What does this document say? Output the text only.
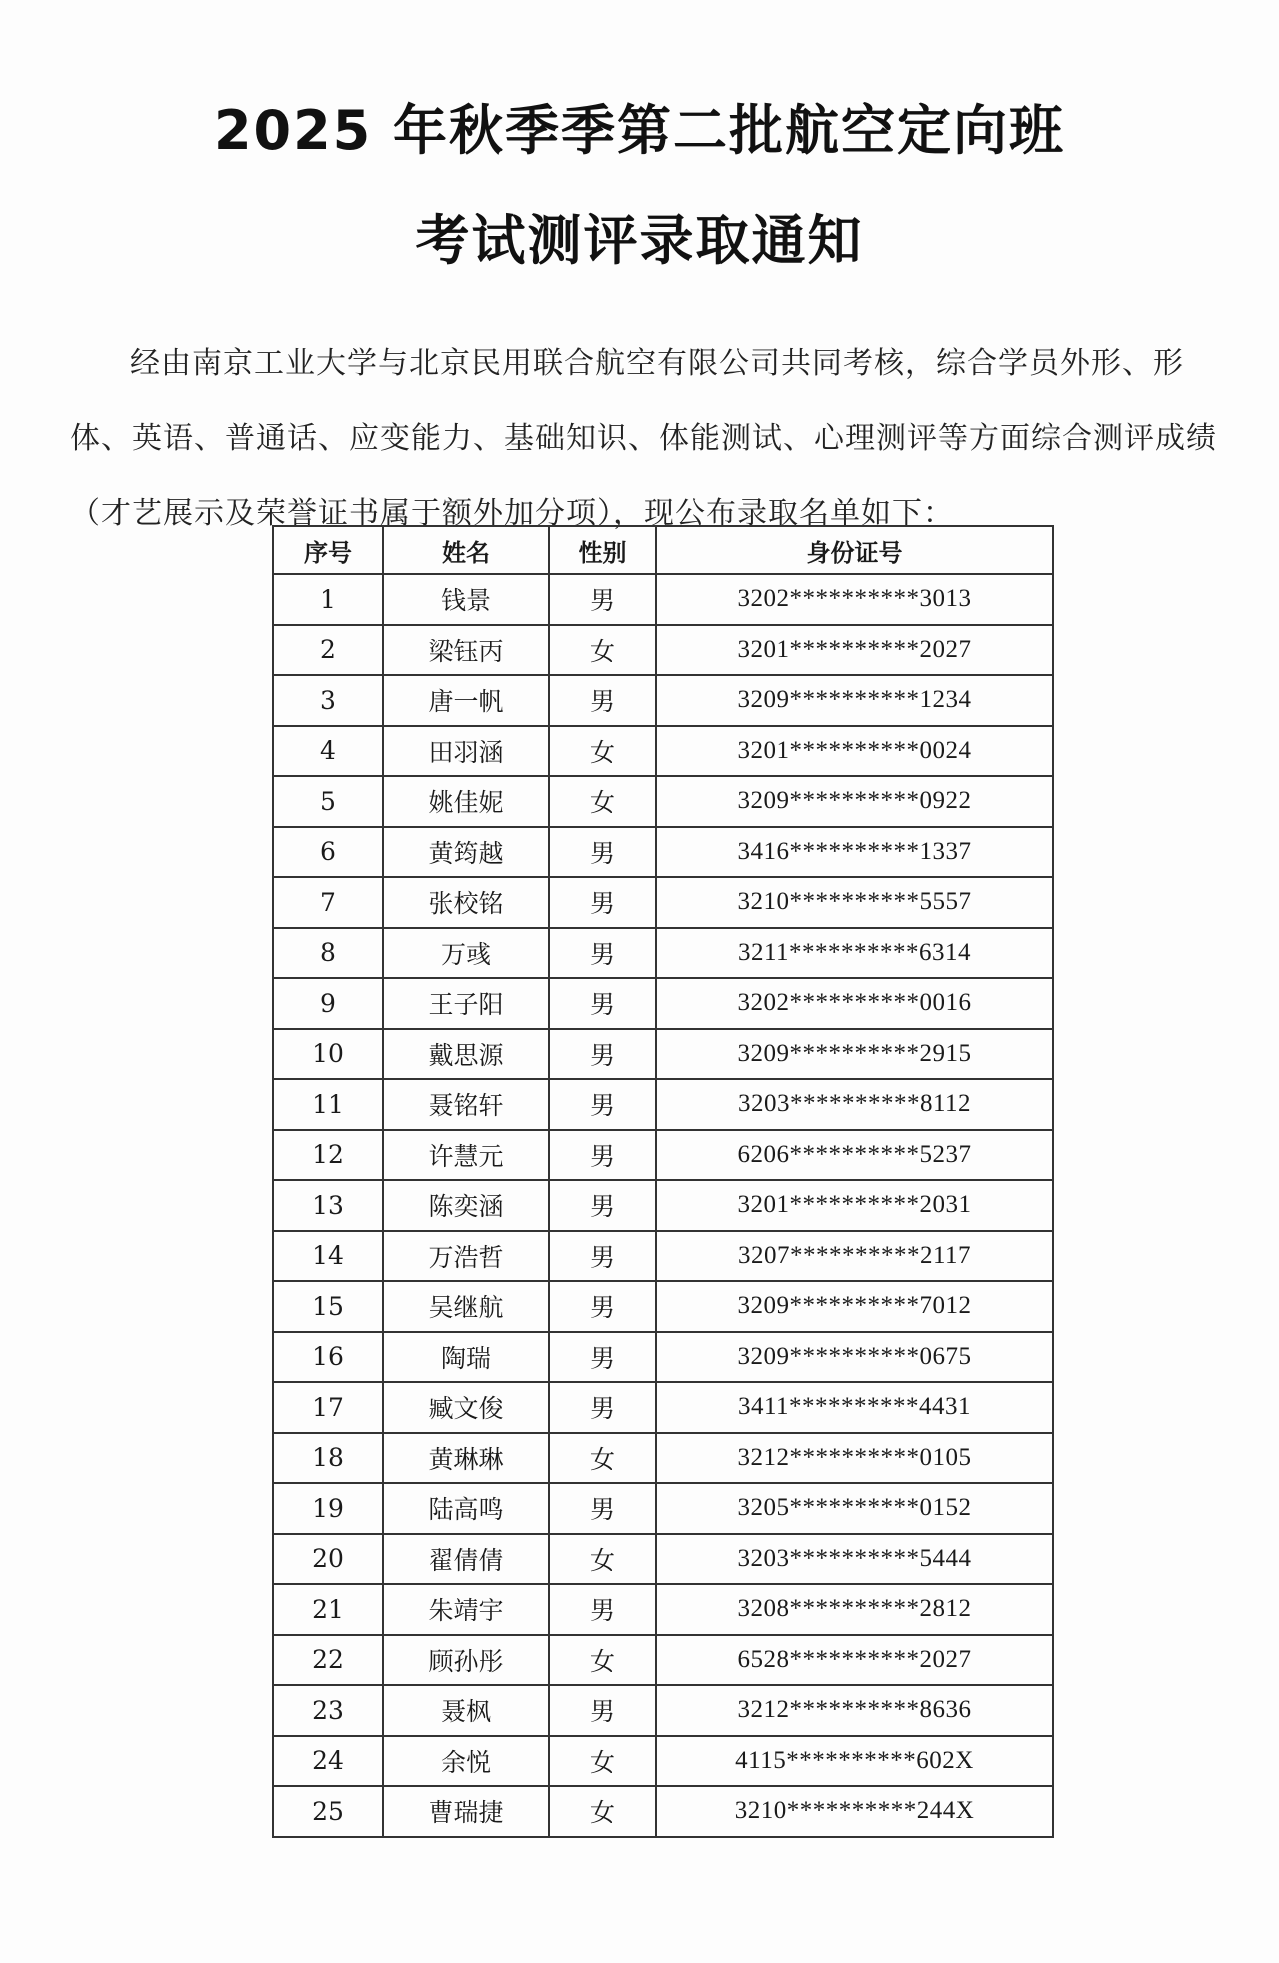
2025 年秋季季第二批航空定向班
考试测评录取通知

经由南京工业大学与北京民用联合航空有限公司共同考核，综合学员外形、形体、英语、普通话、应变能力、基础知识、体能测试、心理测评等方面综合测评成绩（才艺展示及荣誉证书属于额外加分项），现公布录取名单如下：

序号	姓名	性别	身份证号
1	钱景	男	3202**********3013
2	梁钰丙	女	3201**********2027
3	唐一帆	男	3209**********1234
4	田羽涵	女	3201**********0024
5	姚佳妮	女	3209**********0922
6	黄筠越	男	3416**********1337
7	张校铭	男	3210**********5557
8	万彧	男	3211**********6314
9	王子阳	男	3202**********0016
10	戴思源	男	3209**********2915
11	聂铭轩	男	3203**********8112
12	许慧元	男	6206**********5237
13	陈奕涵	男	3201**********2031
14	万浩哲	男	3207**********2117
15	吴继航	男	3209**********7012
16	陶瑞	男	3209**********0675
17	臧文俊	男	3411**********4431
18	黄琳琳	女	3212**********0105
19	陆高鸣	男	3205**********0152
20	翟倩倩	女	3203**********5444
21	朱靖宇	男	3208**********2812
22	顾孙彤	女	6528**********2027
23	聂枫	男	3212**********8636
24	余悦	女	4115**********602X
25	曹瑞捷	女	3210**********244X
